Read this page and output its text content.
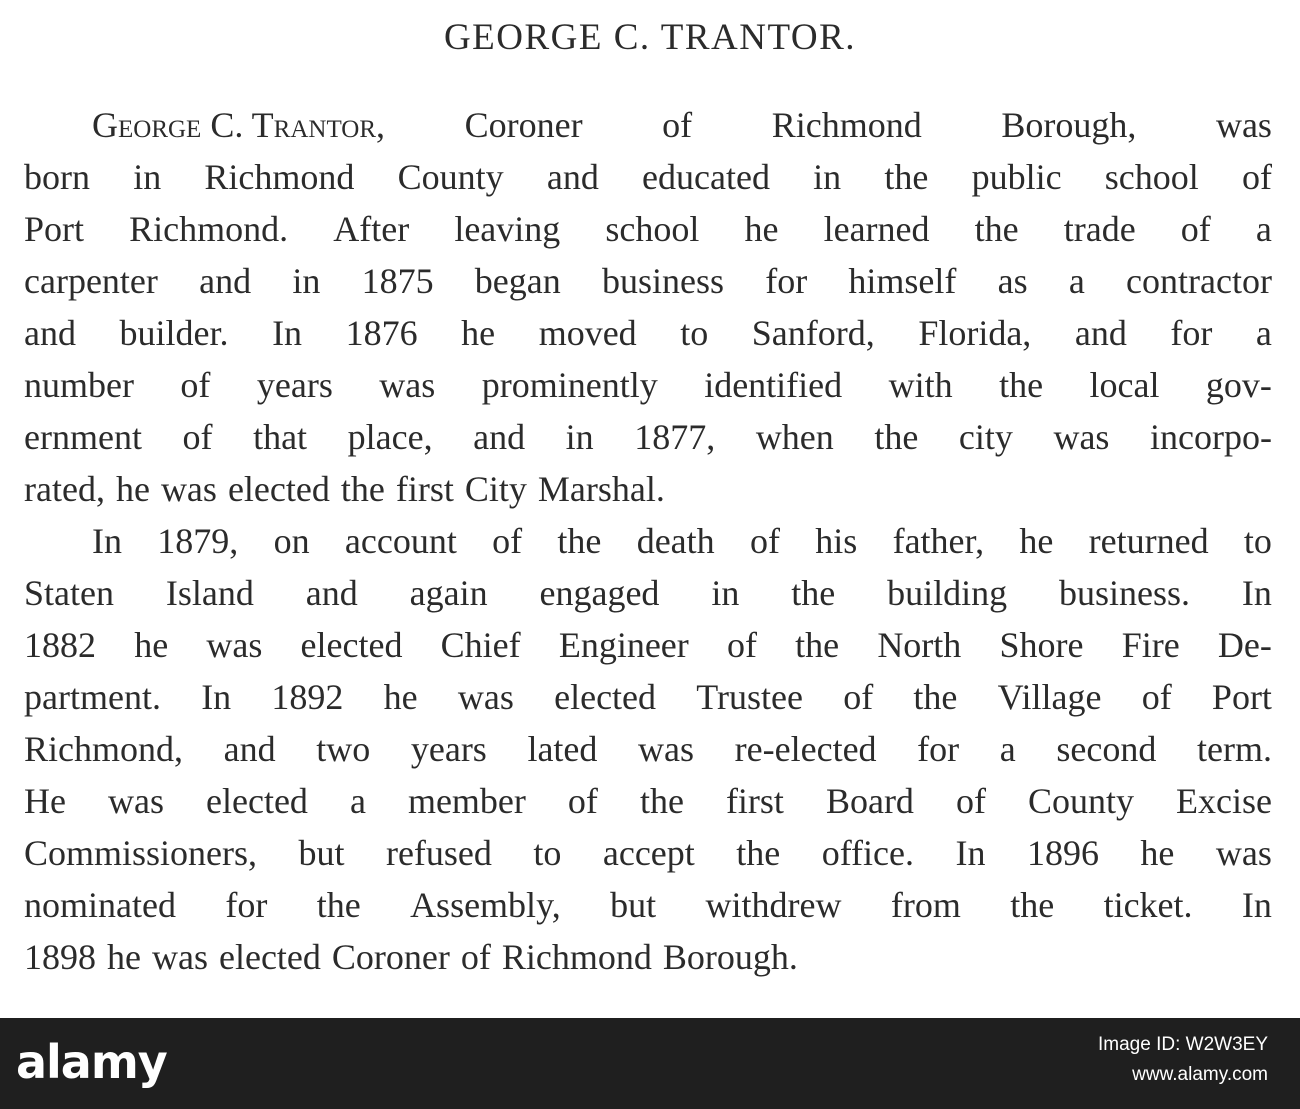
GEORGE C. TRANTOR.
George C. Trantor, Coroner of Richmond Borough, was
born in Richmond County and educated in the public school of
Port Richmond. After leaving school he learned the trade of a
carpenter and in 1875 began business for himself as a contractor
and builder. In 1876 he moved to Sanford, Florida, and for a
number of years was prominently identified with the local gov-
ernment of that place, and in 1877, when the city was incorpo-
rated, he was elected the first City Marshal.
In 1879, on account of the death of his father, he returned to
Staten Island and again engaged in the building business. In
1882 he was elected Chief Engineer of the North Shore Fire De-
partment. In 1892 he was elected Trustee of the Village of Port
Richmond, and two years lated was re-elected for a second term.
He was elected a member of the first Board of County Excise
Commissioners, but refused to accept the office. In 1896 he was
nominated for the Assembly, but withdrew from the ticket. In
1898 he was elected Coroner of Richmond Borough.
alamy	Image ID: W2W3EY
www.alamy.com
